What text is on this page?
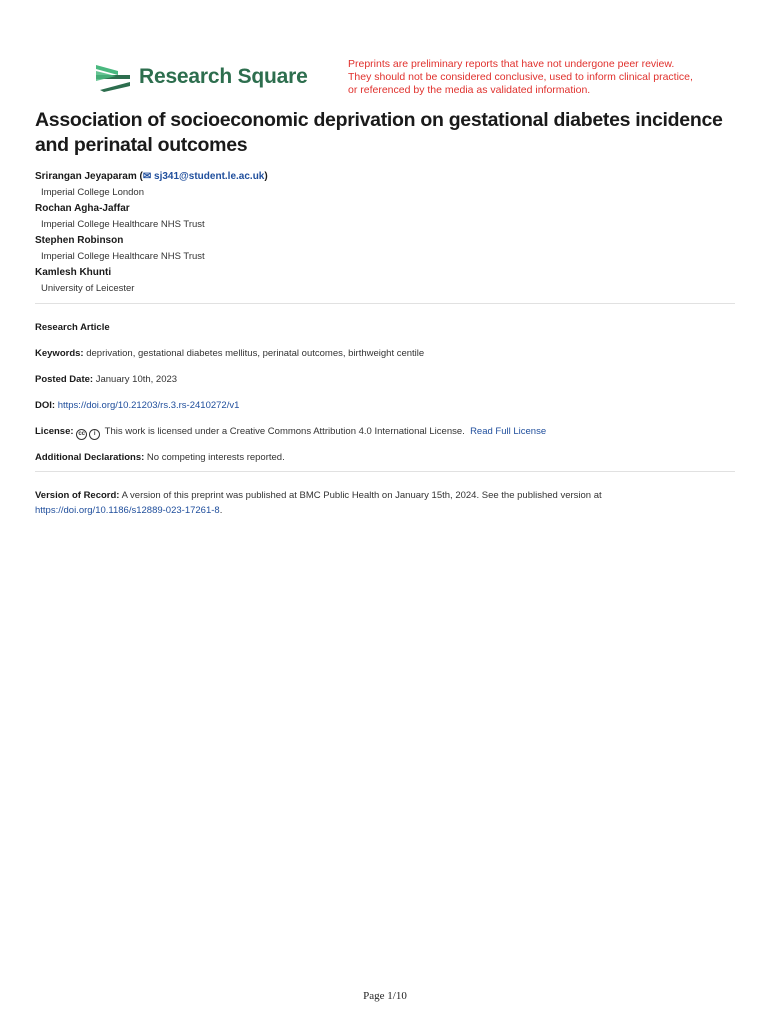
Research Square
Preprints are preliminary reports that have not undergone peer review.
They should not be considered conclusive, used to inform clinical practice,
or referenced by the media as validated information.
Association of socioeconomic deprivation on gestational diabetes incidence and perinatal outcomes
Srirangan Jeyaparam (✉ sj341@student.le.ac.uk)
Imperial College London
Rochan Agha-Jaffar
Imperial College Healthcare NHS Trust
Stephen Robinson
Imperial College Healthcare NHS Trust
Kamlesh Khunti
University of Leicester
Research Article
Keywords: deprivation, gestational diabetes mellitus, perinatal outcomes, birthweight centile
Posted Date: January 10th, 2023
DOI: https://doi.org/10.21203/rs.3.rs-2410272/v1
License: cc i This work is licensed under a Creative Commons Attribution 4.0 International License. Read Full License
Additional Declarations: No competing interests reported.
Version of Record: A version of this preprint was published at BMC Public Health on January 15th, 2024. See the published version at
https://doi.org/10.1186/s12889-023-17261-8.
Page 1/10
